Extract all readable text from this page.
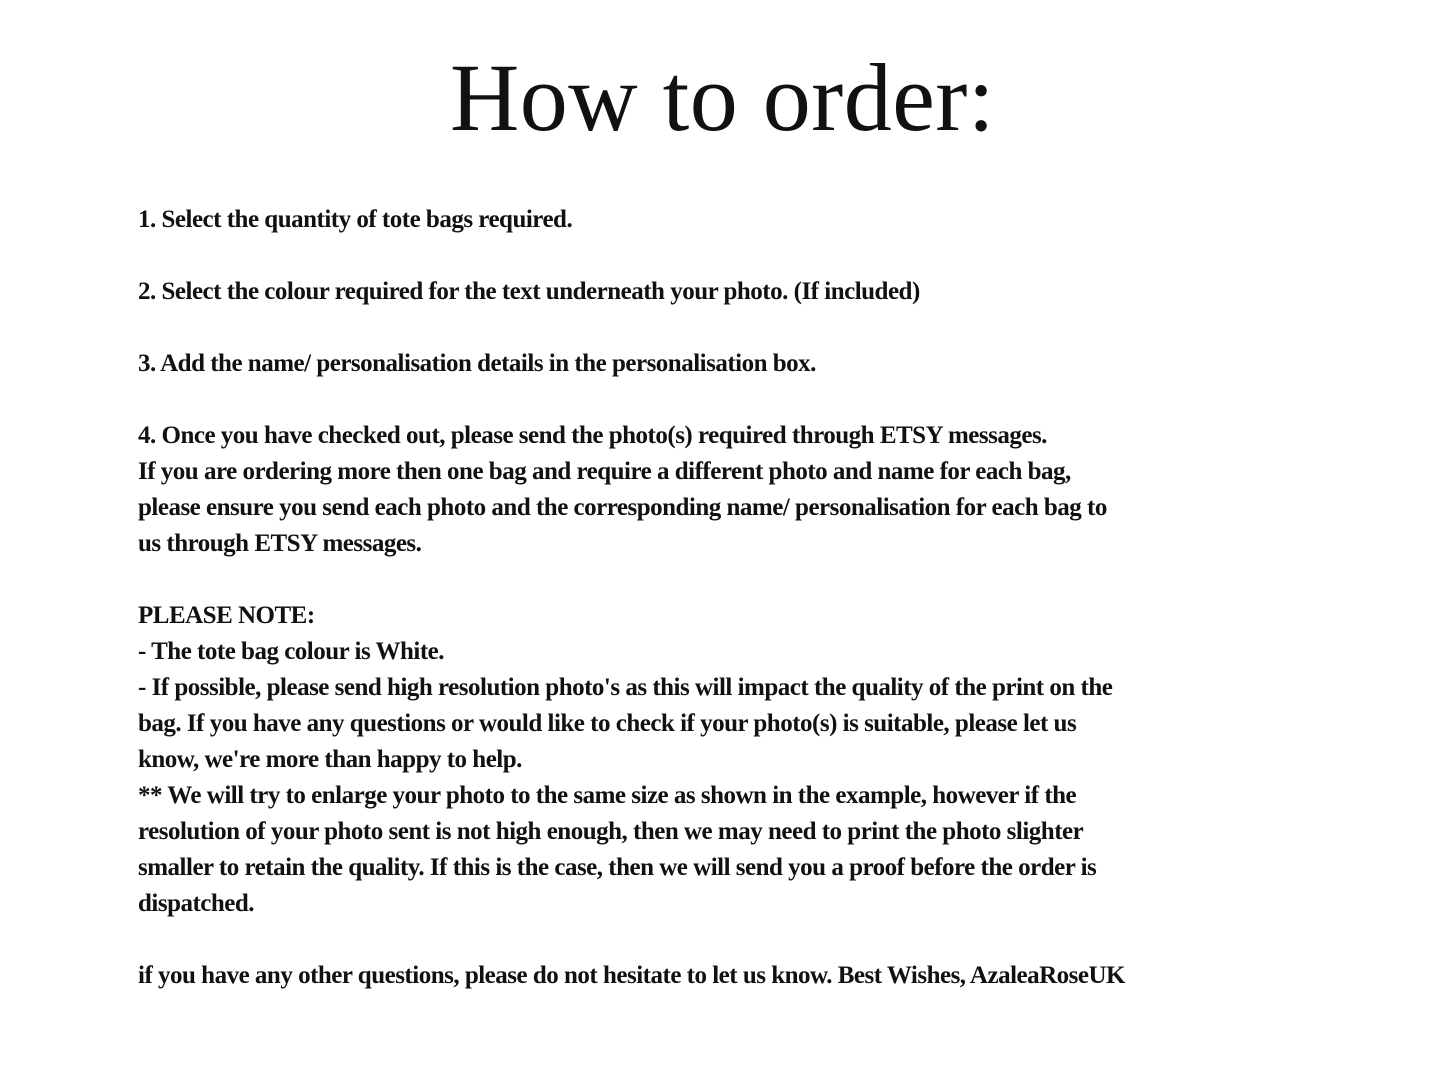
How to order:

1. Select the quantity of tote bags required.

2. Select the colour required for the text underneath your photo. (If included)

3. Add the name/ personalisation details in the personalisation box.

4. Once you have checked out, please send the photo(s) required through ETSY messages.
If you are ordering more then one bag and require a different photo and name for each bag,
please ensure you send each photo and the corresponding name/ personalisation for each bag to
us through ETSY messages.

PLEASE NOTE:
- The tote bag colour is White.
- If possible, please send high resolution photo's as this will impact the quality of the print on the
bag. If you have any questions or would like to check if your photo(s) is suitable, please let us
know, we're more than happy to help.
** We will try to enlarge your photo to the same size as shown in the example, however if the
resolution of your photo sent is not high enough, then we may need to print the photo slighter
smaller to retain the quality. If this is the case, then we will send you a proof before the order is
dispatched.

if you have any other questions, please do not hesitate to let us know. Best Wishes, AzaleaRoseUK
